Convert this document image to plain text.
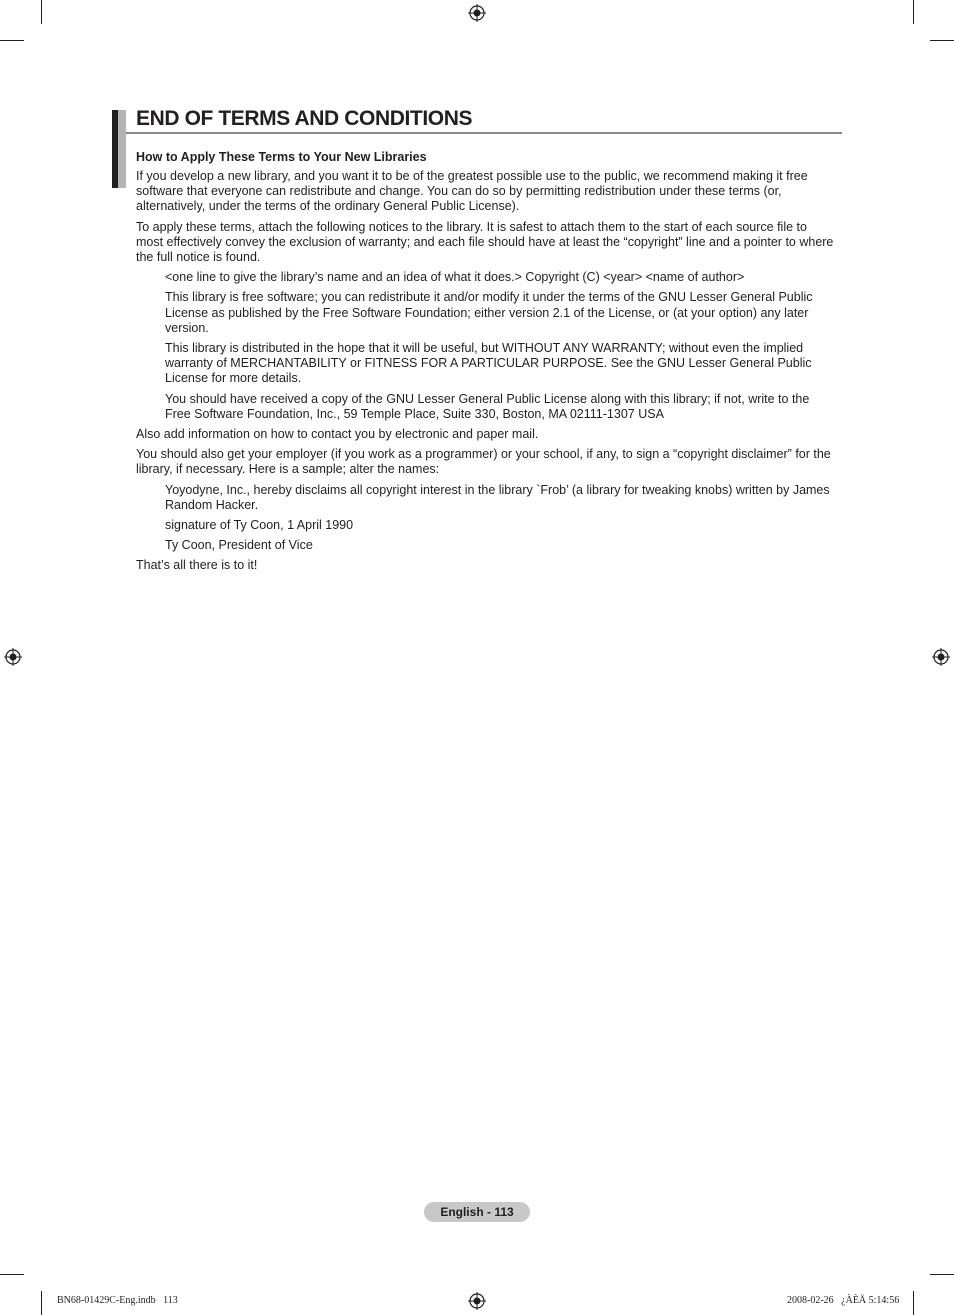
END OF TERMS AND CONDITIONS
How to Apply These Terms to Your New Libraries

If you develop a new library, and you want it to be of the greatest possible use to the public, we recommend making it free software that everyone can redistribute and change. You can do so by permitting redistribution under these terms (or, alternatively, under the terms of the ordinary General Public License).

To apply these terms, attach the following notices to the library. It is safest to attach them to the start of each source file to most effectively convey the exclusion of warranty; and each file should have at least the “copyright” line and a pointer to where the full notice is found.

<one line to give the library’s name and an idea of what it does.> Copyright (C) <year> <name of author>

This library is free software; you can redistribute it and/or modify it under the terms of the GNU Lesser General Public License as published by the Free Software Foundation; either version 2.1 of the License, or (at your option) any later version.

This library is distributed in the hope that it will be useful, but WITHOUT ANY WARRANTY; without even the implied warranty of MERCHANTABILITY or FITNESS FOR A PARTICULAR PURPOSE. See the GNU Lesser General Public License for more details.

You should have received a copy of the GNU Lesser General Public License along with this library; if not, write to the Free Software Foundation, Inc., 59 Temple Place, Suite 330, Boston, MA 02111-1307 USA

Also add information on how to contact you by electronic and paper mail.

You should also get your employer (if you work as a programmer) or your school, if any, to sign a “copyright disclaimer” for the library, if necessary. Here is a sample; alter the names:

Yoyodyne, Inc., hereby disclaims all copyright interest in the library `Frob’ (a library for tweaking knobs) written by James Random Hacker.

signature of Ty Coon, 1 April 1990

Ty Coon, President of Vice

That’s all there is to it!

English - 113
BN68-01429C-Eng.indb   113	2008-02-26   ¿ÀÈÄ 5:14:56
